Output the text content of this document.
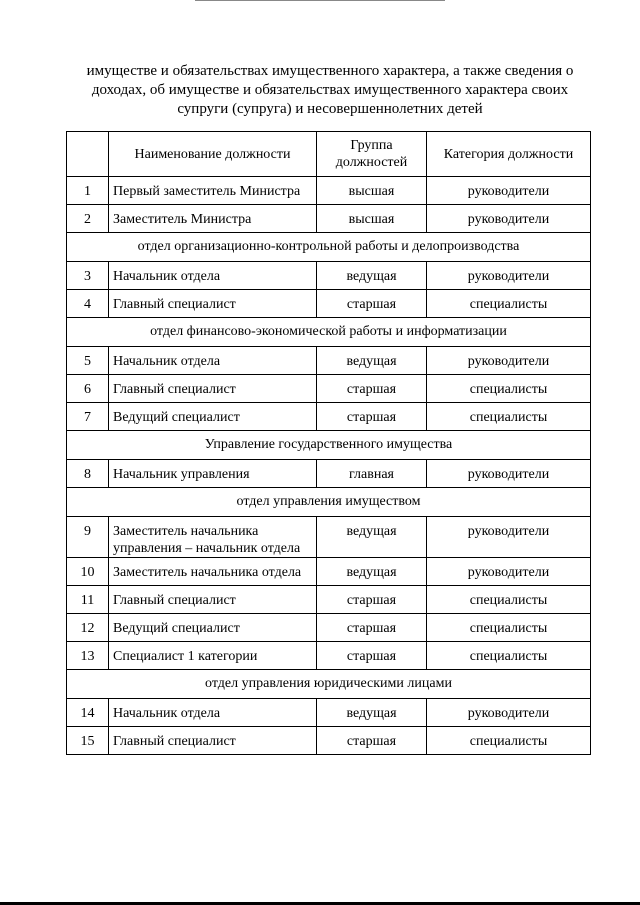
имуществе и обязательствах имущественного характера, а также сведения о
доходах, об имуществе и обязательствах имущественного характера своих
супруги (супруга) и несовершеннолетних детей
	Наименование должности	Группа должностей	Категория должности
1	Первый заместитель Министра	высшая	руководители
2	Заместитель Министра	высшая	руководители
отдел организационно-контрольной работы и делопроизводства			
3	Начальник отдела	ведущая	руководители
4	Главный специалист	старшая	специалисты
отдел финансово-экономической работы и информатизации			
5	Начальник отдела	ведущая	руководители
6	Главный специалист	старшая	специалисты
7	Ведущий специалист	старшая	специалисты
Управление государственного имущества			
8	Начальник управления	главная	руководители
отдел управления имуществом			
9	Заместитель начальника управления – начальник отдела	ведущая	руководители
10	Заместитель начальника отдела	ведущая	руководители
11	Главный специалист	старшая	специалисты
12	Ведущий специалист	старшая	специалисты
13	Специалист 1 категории	старшая	специалисты
отдел управления юридическими лицами			
14	Начальник отдела	ведущая	руководители
15	Главный специалист	старшая	специалисты
